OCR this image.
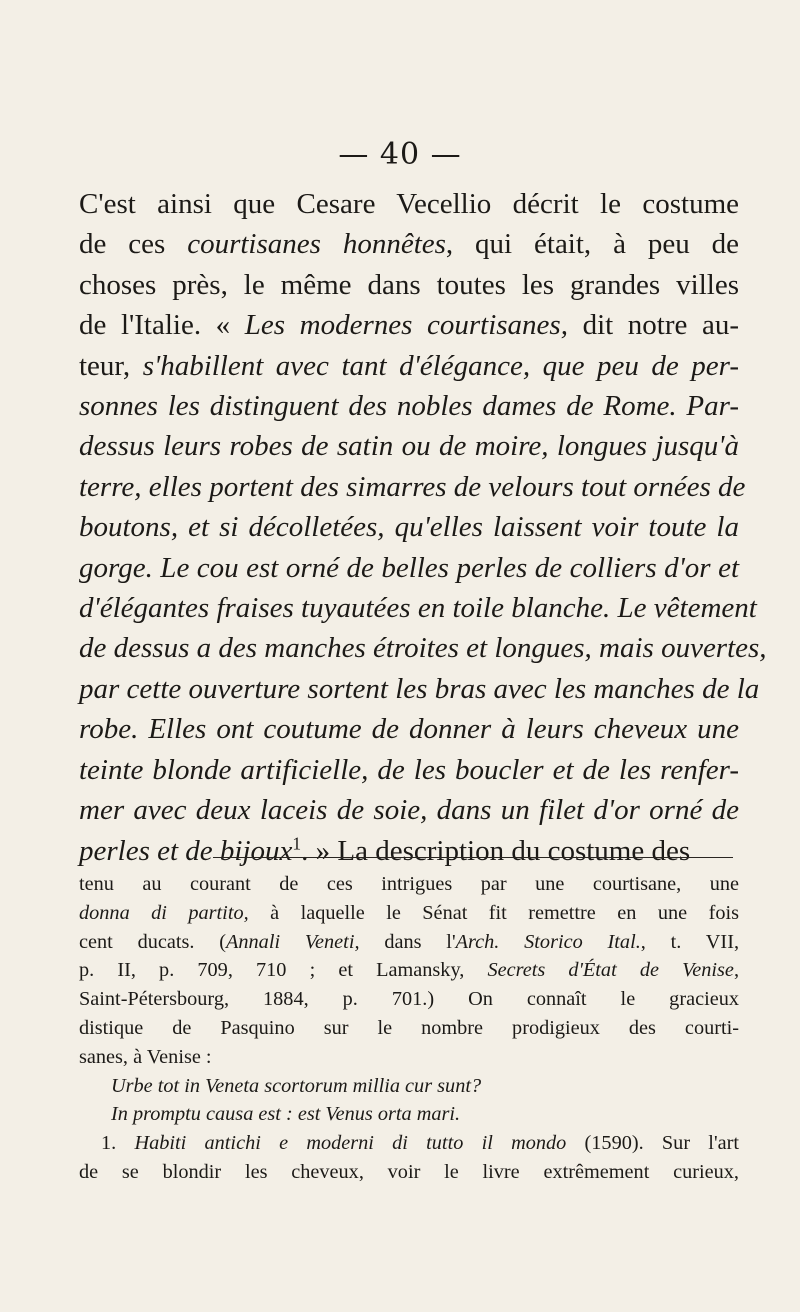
— 40 —
C'est ainsi que Cesare Vecellio décrit le costume
de ces courtisanes honnêtes, qui était, à peu de
choses près, le même dans toutes les grandes villes
de l'Italie. « Les modernes courtisanes, dit notre au-
teur, s'habillent avec tant d'élégance, que peu de per-
sonnes les distinguent des nobles dames de Rome. Par-
dessus leurs robes de satin ou de moire, longues jusqu'à
terre, elles portent des simarres de velours tout ornées de
boutons, et si décolletées, qu'elles laissent voir toute la
gorge. Le cou est orné de belles perles de colliers d'or et
d'élégantes fraises tuyautées en toile blanche. Le vêtement
de dessus a des manches étroites et longues, mais ouvertes,
par cette ouverture sortent les bras avec les manches de la
robe. Elles ont coutume de donner à leurs cheveux une
teinte blonde artificielle, de les boucler et de les renfer-
mer avec deux laceis de soie, dans un filet d'or orné de
perles et de bijoux$^1$. » La description du costume des
tenu au courant de ces intrigues par une courtisane, une
donna di partito, à laquelle le Sénat fit remettre en une fois
cent ducats. (Annali Veneti, dans l'Arch. Storico Ital., t. VII,
p. II, p. 709, 710 ; et Lamansky, Secrets d'État de Venise,
Saint-Pétersbourg, 1884, p. 701.) On connaît le gracieux
distique de Pasquino sur le nombre prodigieux des courti-
sanes, à Venise :
Urbe tot in Veneta scortorum millia cur sunt?
In promptu causa est : est Venus orta mari.
1. Habiti antichi e moderni di tutto il mondo (1590). Sur l'art
de se blondir les cheveux, voir le livre extrêmement curieux,
